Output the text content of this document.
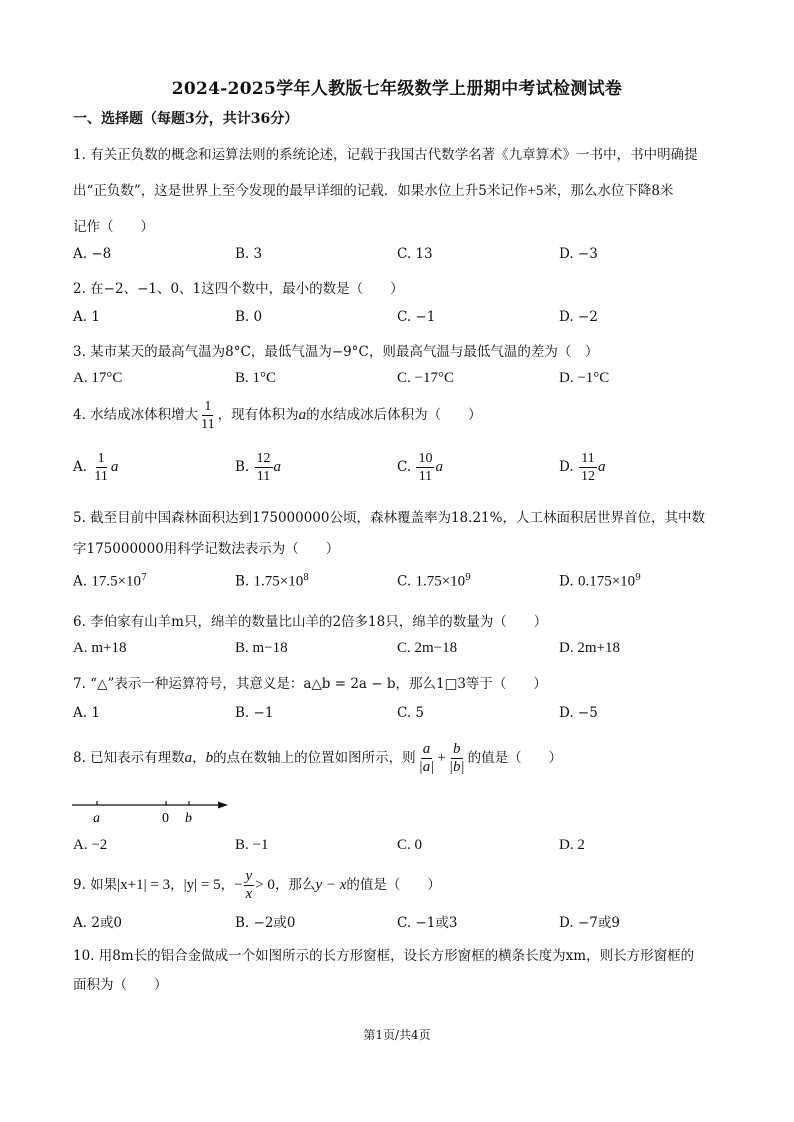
2024-2025学年人教版七年级数学上册期中考试检测试卷
一、选择题（每题3分，共计36分）
1. 有关正负数的概念和运算法则的系统论述，记载于我国古代数学名著《九章算术》一书中，书中明确提
出“正负数”，这是世界上至今发现的最早详细的记载．如果水位上升5米记作+5米，那么水位下降8米
记作（　　）
A. −8	B. 3	C. 13	D. −3
2. 在−2、−1、0、1这四个数中，最小的数是（　　）
A. 1	B. 0	C. −1	D. −2
3. 某市某天的最高气温为8°C，最低气温为−9°C，则最高气温与最低气温的差为（　）
A. 17°C	B. 1°C	C. −17°C	D. −1°C
4. 水结成冰体积增大 $\frac{1}{11}$ ，现有体积为a的水结成冰后体积为（　　）
A. $\frac{1}{11}$ a	B. $\frac{12}{11}$ a	C. $\frac{10}{11}$ a	D. $\frac{11}{12}$ a
5. 截至目前中国森林面积达到175000000公顷，森林覆盖率为18.21%，人工林面积居世界首位，其中数
字175000000用科学记数法表示为（　　）
A. $17.5\times 10^7$	B. $1.75\times 10^8$	C. $1.75\times 10^9$	D. $0.175\times 10^9$
6. 李伯家有山羊m只，绵羊的数量比山羊的2倍多18只，绵羊的数量为（　　）
A. m+18	B. m−18	C. 2m−18	D. 2m+18
7. “△”表示一种运算符号，其意义是：a△b = 2a − b，那么1□3等于（　　）
A. 1	B. −1	C. 5	D. −5
8. 已知表示有理数a，b的点在数轴上的位置如图所示，则 $\frac{a}{|a|} + \frac{b}{|b|}$ 的值是（　　）
a	0 b
A. −2	B. −1	C. 0	D. 2
9. 如果|x+1| = 3，|y| = 5，− $\frac{y}{x} > 0$，那么y − x的值是（　　）
A. 2或0	B. −2或0	C. −1或3	D. −7或9
10. 用8m长的铝合金做成一个如图所示的长方形窗框，设长方形窗框的横条长度为xm，则长方形窗框的
面积为（　　）
第1页/共4页
